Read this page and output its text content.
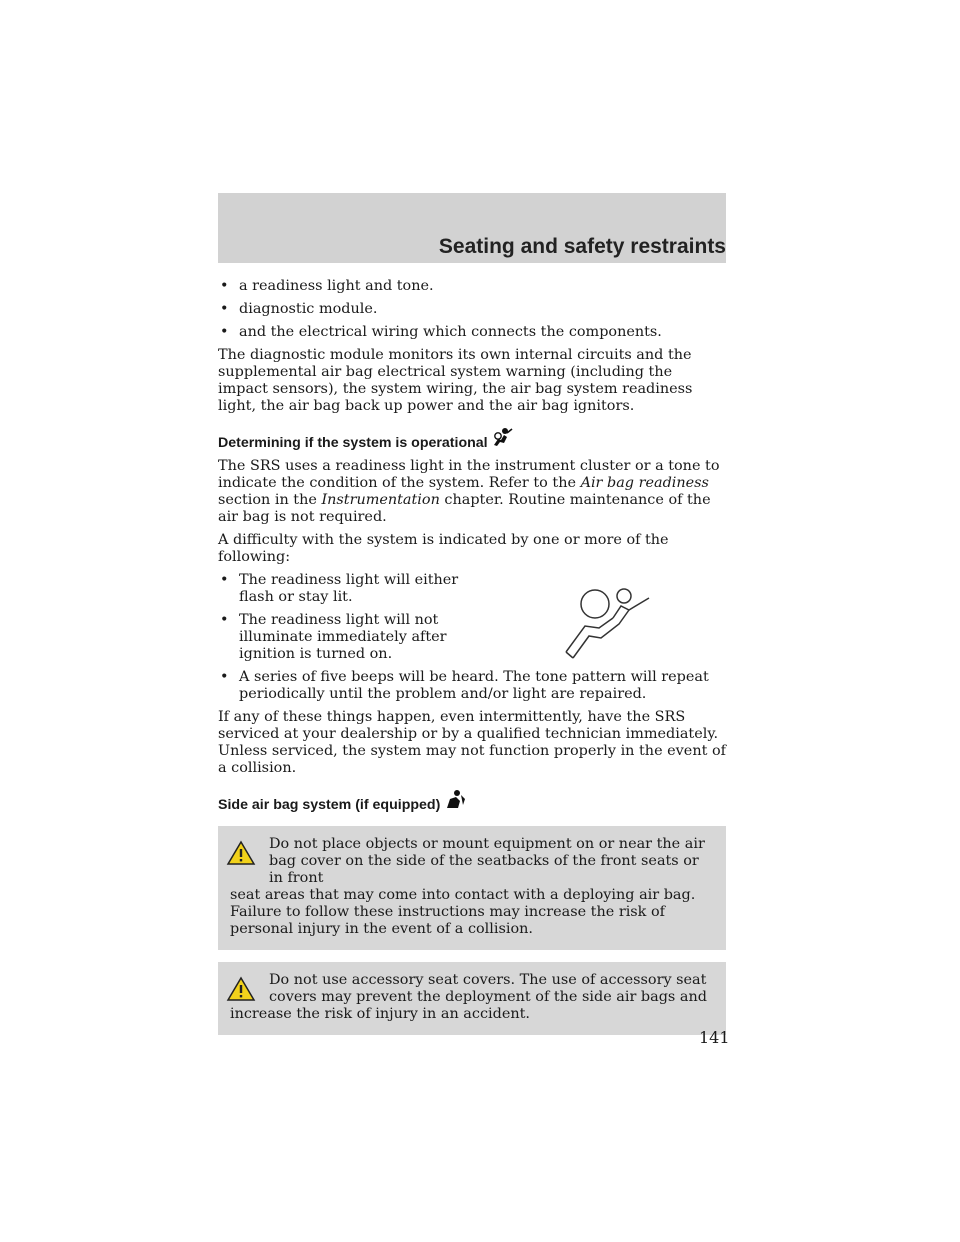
Seating and safety restraints
• a readiness light and tone.
• diagnostic module.
• and the electrical wiring which connects the components.

The diagnostic module monitors its own internal circuits and the supplemental air bag electrical system warning (including the impact sensors), the system wiring, the air bag system readiness light, the air bag back up power and the air bag ignitors.

Determining if the system is operational

The SRS uses a readiness light in the instrument cluster or a tone to indicate the condition of the system. Refer to the Air bag readiness section in the Instrumentation chapter. Routine maintenance of the air bag is not required.

A difficulty with the system is indicated by one or more of the following:

• The readiness light will either flash or stay lit.
• The readiness light will not illuminate immediately after ignition is turned on.
• A series of five beeps will be heard. The tone pattern will repeat periodically until the problem and/or light are repaired.

If any of these things happen, even intermittently, have the SRS serviced at your dealership or by a qualified technician immediately. Unless serviced, the system may not function properly in the event of a collision.

Side air bag system (if equipped)
Do not place objects or mount equipment on or near the air bag cover on the side of the seatbacks of the front seats or in front
seat areas that may come into contact with a deploying air bag. Failure to follow these instructions may increase the risk of personal injury in the event of a collision.
Do not use accessory seat covers. The use of accessory seat covers may prevent the deployment of the side air bags and
increase the risk of injury in an accident.
141
